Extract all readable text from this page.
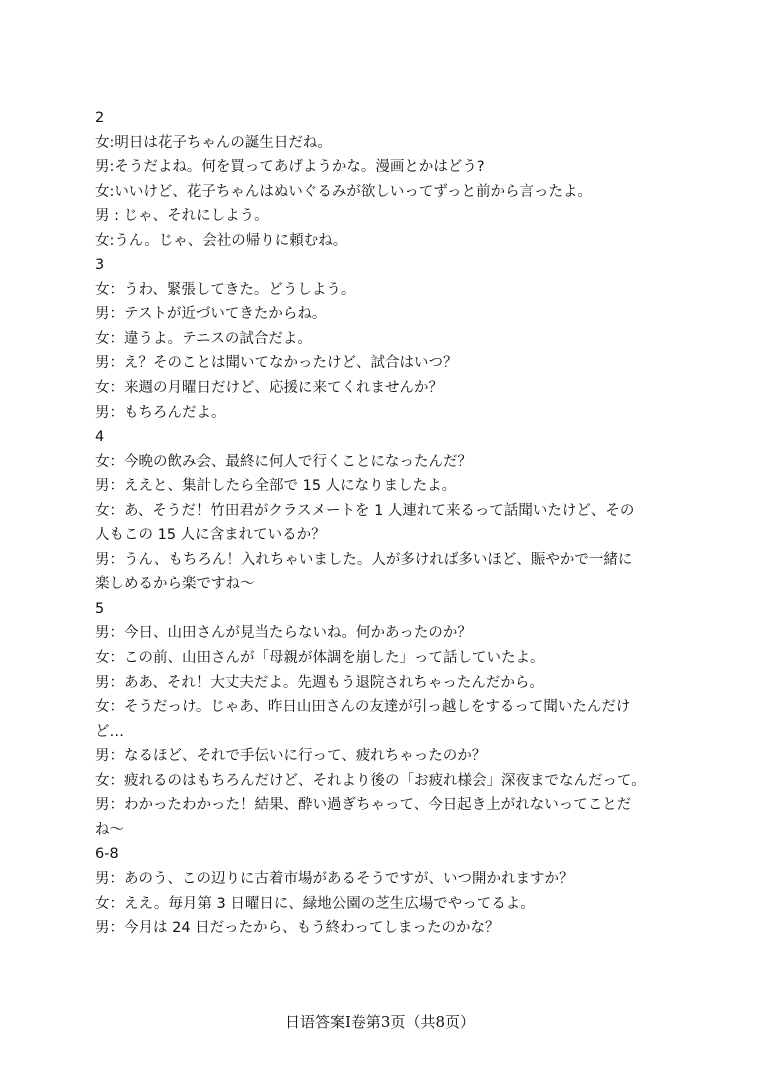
2
女:明日は花子ちゃんの誕生日だね。
男:そうだよね。何を買ってあげようかな。漫画とかはどう?
女:いいけど、花子ちゃんはぬいぐるみが欲しいってずっと前から言ったよ。
男 : じゃ、それにしよう。
女:うん。じゃ、会社の帰りに頼むね。
3
女：うわ、緊張してきた。どうしよう。
男：テストが近づいてきたからね。
女：違うよ。テニスの試合だよ。
男：え？そのことは聞いてなかったけど、試合はいつ？
女：来週の月曜日だけど、応援に来てくれませんか？
男：もちろんだよ。
4
女：今晩の飲み会、最終に何人で行くことになったんだ？
男：ええと、集計したら全部で 15 人になりましたよ。
女：あ、そうだ！竹田君がクラスメートを 1 人連れて来るって話聞いたけど、その
人もこの 15 人に含まれているか？
男：うん、もちろん！入れちゃいました。人が多ければ多いほど、賑やかで一緒に
楽しめるから楽ですね〜
5
男：今日、山田さんが見当たらないね。何かあったのか？
女：この前、山田さんが「母親が体調を崩した」って話していたよ。
男：ああ、それ！大丈夫だよ。先週もう退院されちゃったんだから。
女：そうだっけ。じゃあ、昨日山田さんの友達が引っ越しをするって聞いたんだけ
ど…
男：なるほど、それで手伝いに行って、疲れちゃったのか？
女：疲れるのはもちろんだけど、それより後の「お疲れ様会」深夜までなんだって。
男：わかったわかった！結果、酔い過ぎちゃって、今日起き上がれないってことだ
ね〜
6-8
男：あのう、この辺りに古着市場があるそうですが、いつ開かれますか？
女：ええ。毎月第 3 日曜日に、緑地公園の芝生広場でやってるよ。
男：今月は 24 日だったから、もう終わってしまったのかな？
日语答案Ⅰ卷第3页（共8页）
